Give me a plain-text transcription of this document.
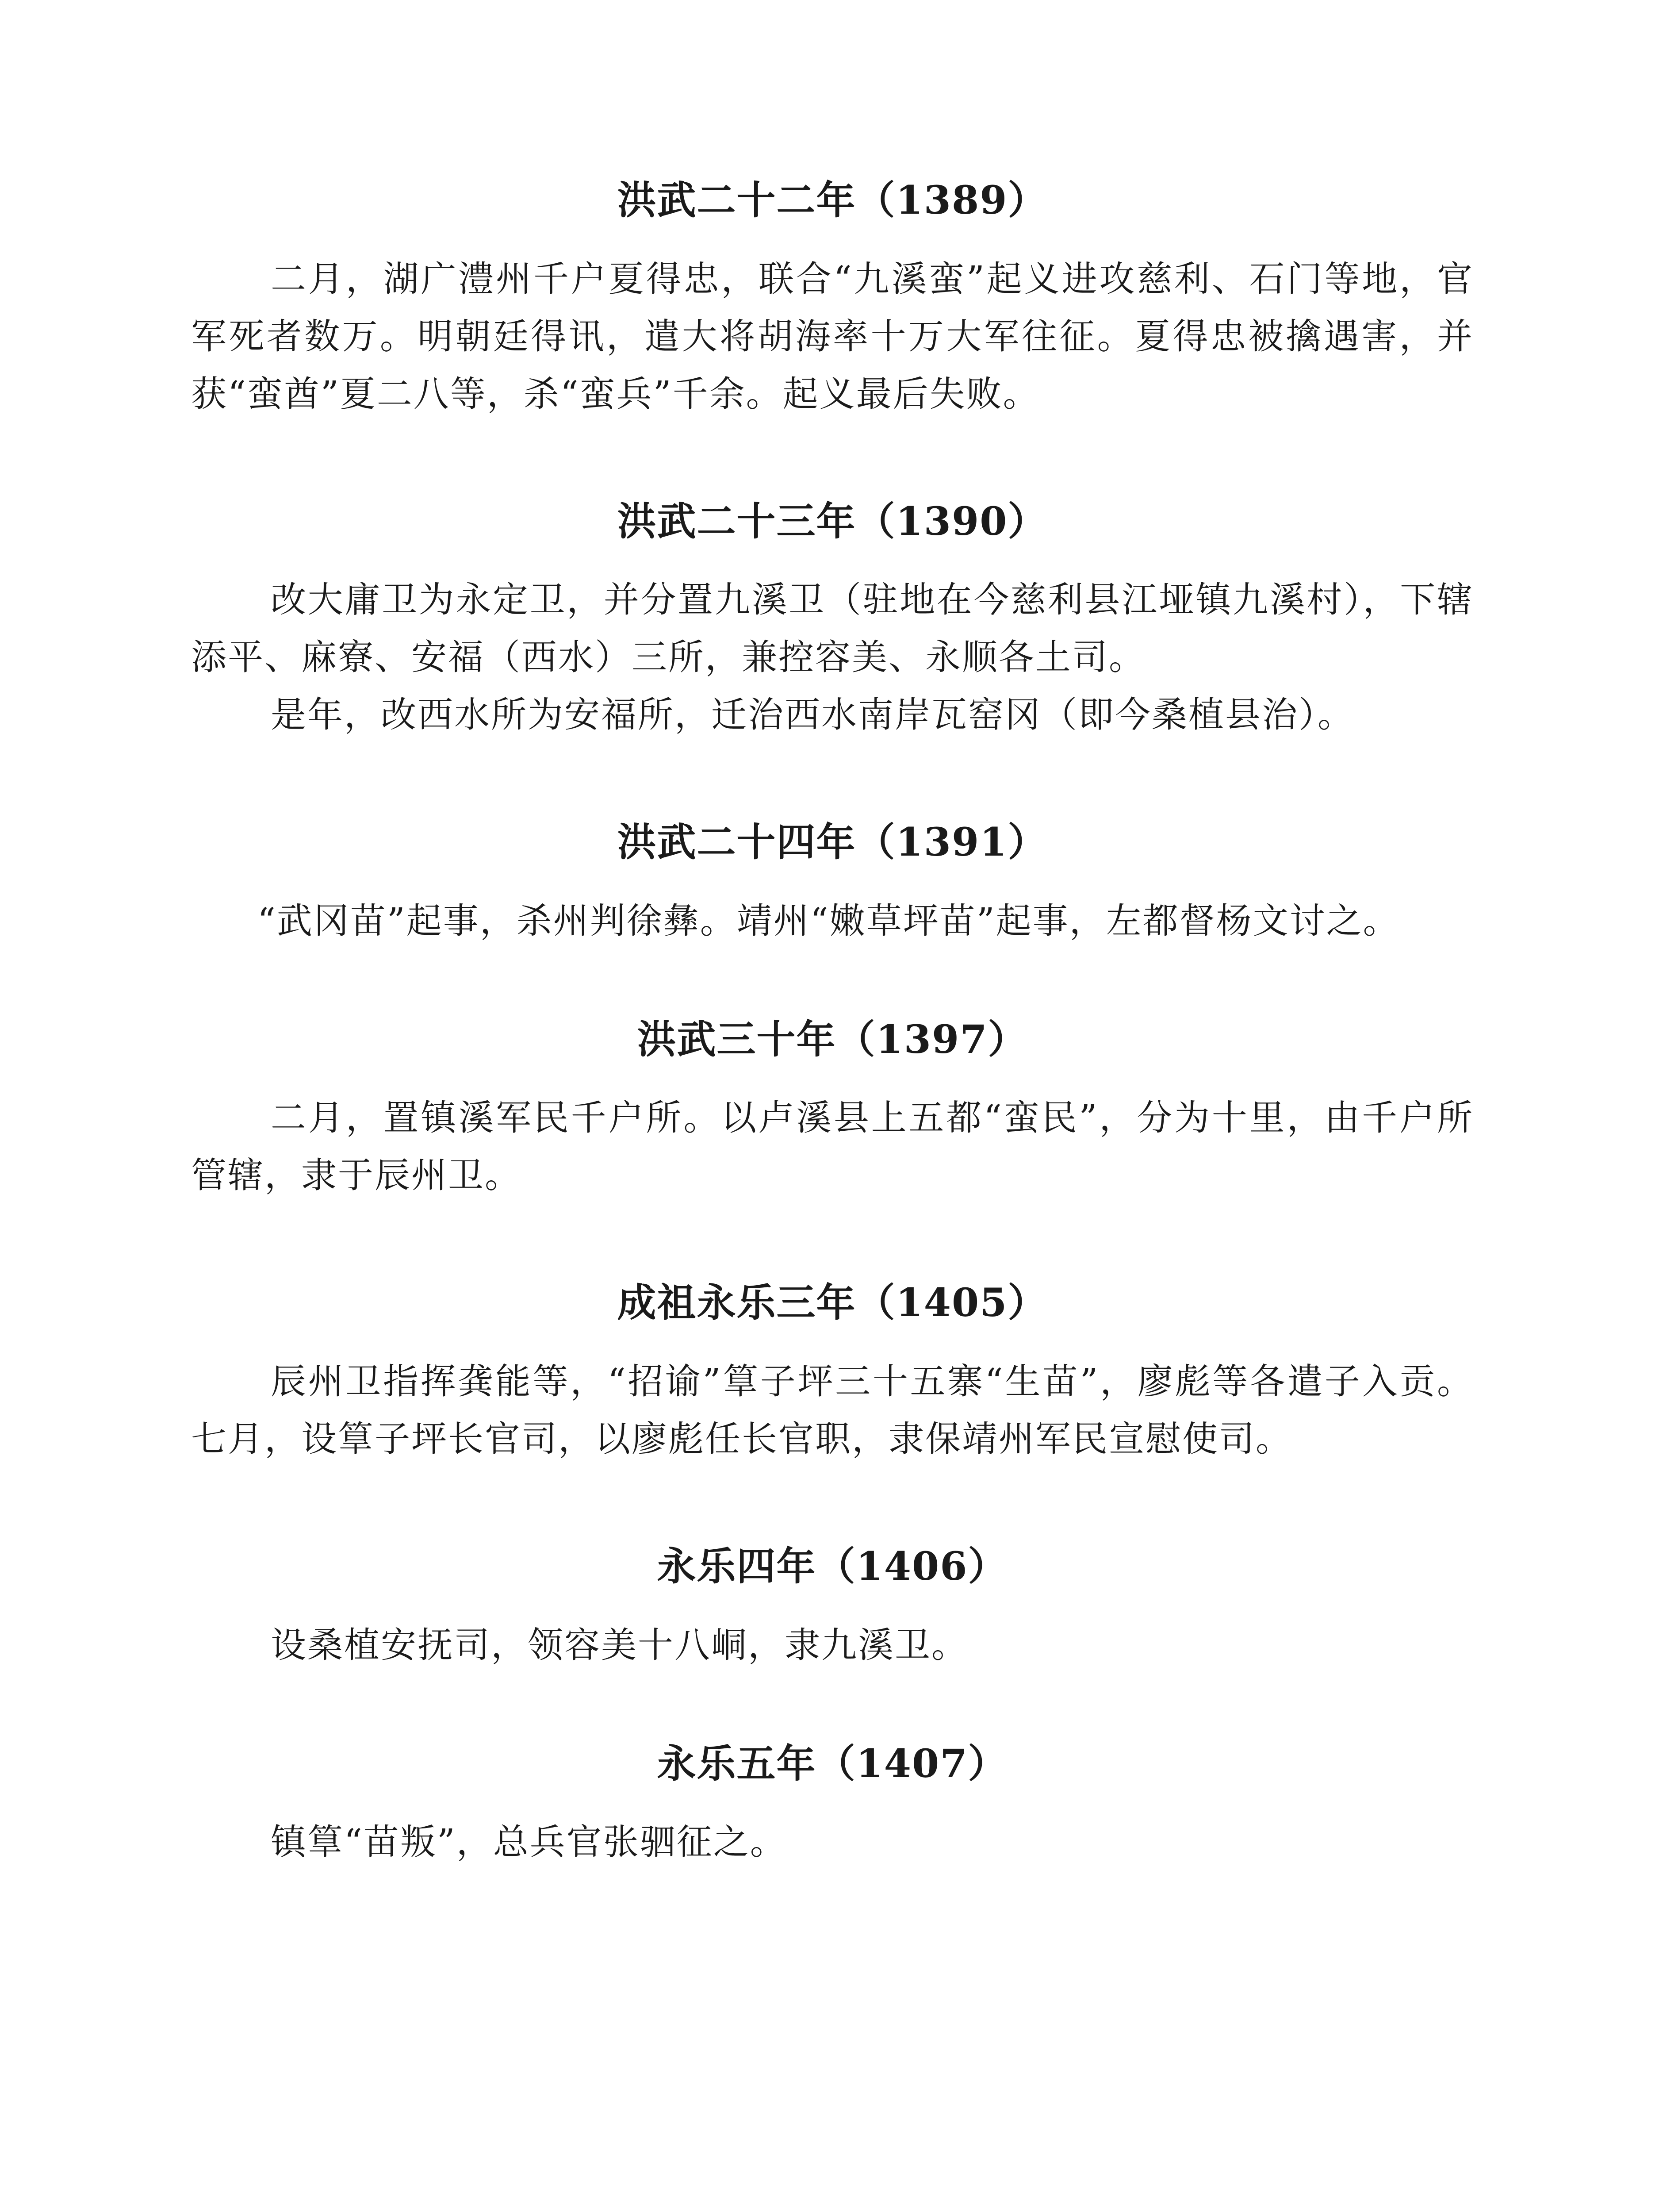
洪武二十二年（1389）

二月，湖广澧州千户夏得忠，联合“九溪蛮”起义进攻慈利、石门等地，官军死者数万。明朝廷得讯，遣大将胡海率十万大军往征。夏得忠被擒遇害，并获“蛮酋”夏二八等，杀“蛮兵”千余。起义最后失败。

洪武二十三年（1390）

改大庸卫为永定卫，并分置九溪卫（驻地在今慈利县江垭镇九溪村），下辖添平、麻寮、安福（西水）三所，兼控容美、永顺各土司。

是年，改西水所为安福所，迁治西水南岸瓦窑冈（即今桑植县治）。

洪武二十四年（1391）

“武冈苗”起事，杀州判徐彝。靖州“嫩草坪苗”起事，左都督杨文讨之。

洪武三十年（1397）

二月，置镇溪军民千户所。以卢溪县上五都“蛮民”，分为十里，由千户所管辖，隶于辰州卫。

成祖永乐三年（1405）

辰州卫指挥龚能等，“招谕”筸子坪三十五寨“生苗”，廖彪等各遣子入贡。七月，设筸子坪长官司，以廖彪任长官职，隶保靖州军民宣慰使司。

永乐四年（1406）

设桑植安抚司，领容美十八峒，隶九溪卫。

永乐五年（1407）

镇筸“苗叛”，总兵官张驷征之。
